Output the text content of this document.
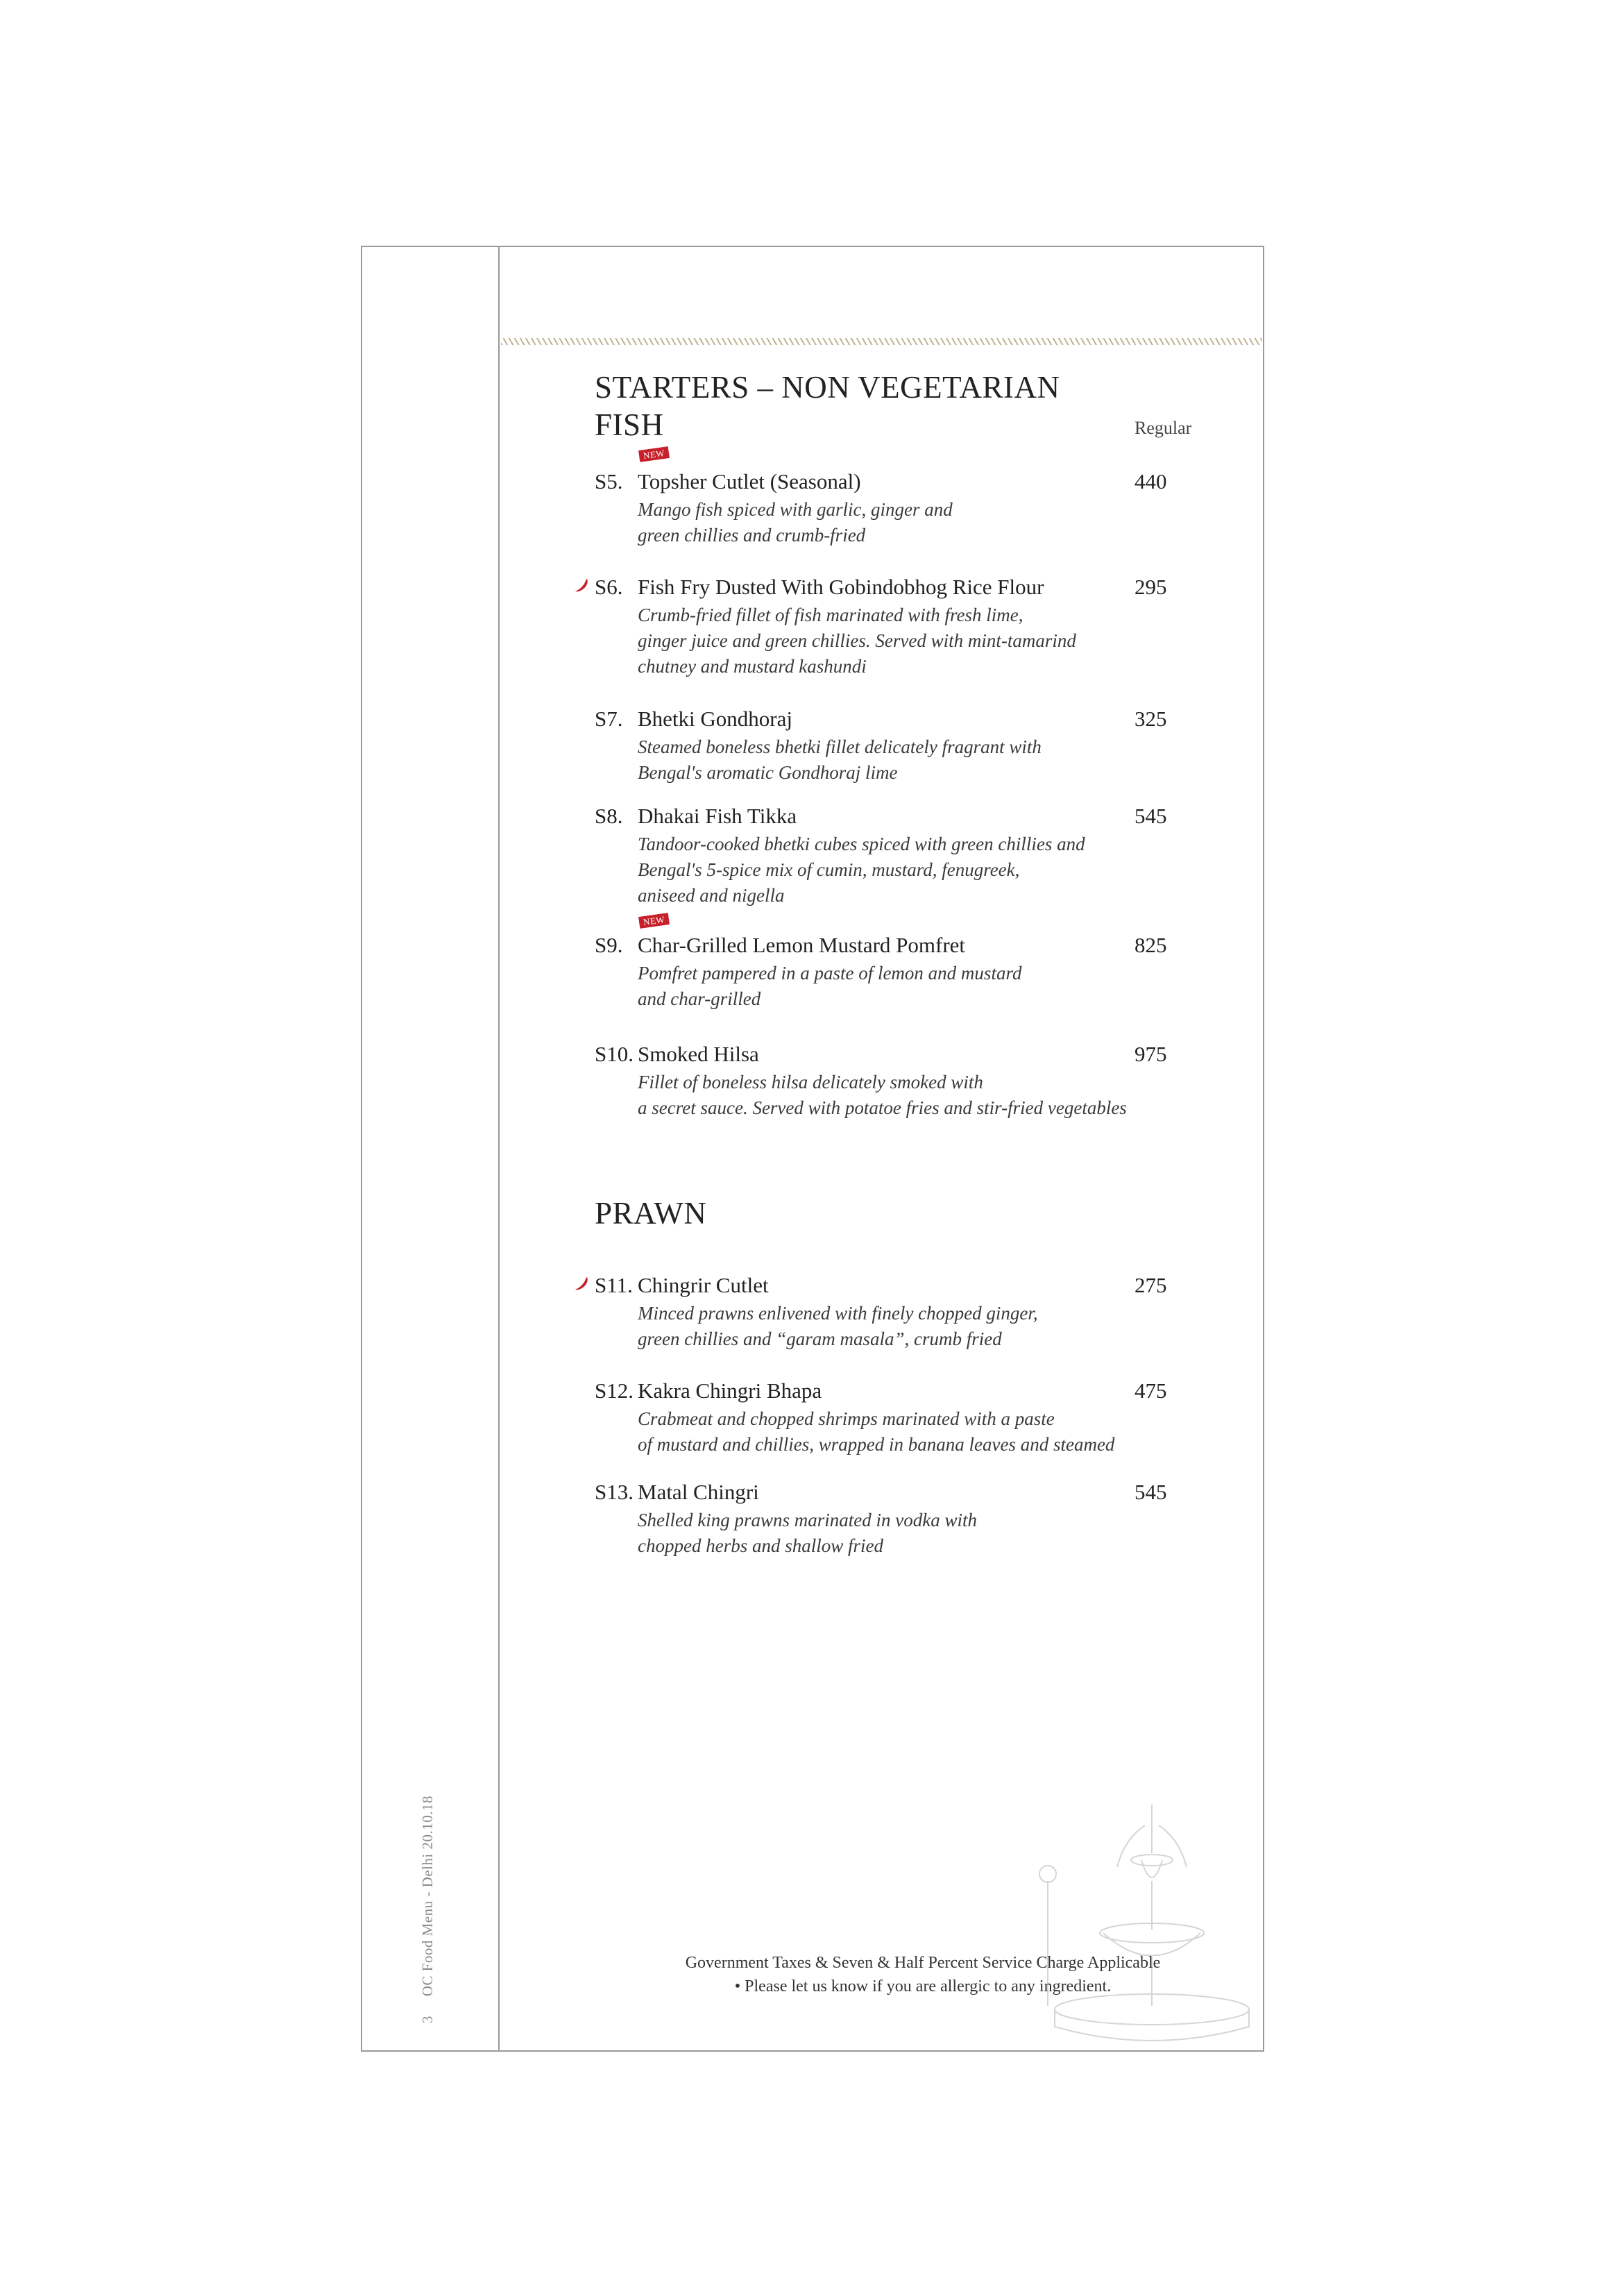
3 OC Food Menu - Delhi 20.10.18
STARTERS – NON VEGETARIAN
FISH	Regular
NEW
S5. Topsher Cutlet (Seasonal)	440
Mango fish spiced with garlic, ginger and
green chillies and crumb-fried
S6. Fish Fry Dusted With Gobindobhog Rice Flour	295
Crumb-fried fillet of fish marinated with fresh lime,
ginger juice and green chillies. Served with mint-tamarind
chutney and mustard kashundi
S7. Bhetki Gondhoraj	325
Steamed boneless bhetki fillet delicately fragrant with
Bengal's aromatic Gondhoraj lime
S8. Dhakai Fish Tikka	545
Tandoor-cooked bhetki cubes spiced with green chillies and
Bengal's 5-spice mix of cumin, mustard, fenugreek,
aniseed and nigella
NEW
S9. Char-Grilled Lemon Mustard Pomfret	825
Pomfret pampered in a paste of lemon and mustard
and char-grilled
S10. Smoked Hilsa	975
Fillet of boneless hilsa delicately smoked with
a secret sauce. Served with potatoe fries and stir-fried vegetables
PRAWN
S11. Chingrir Cutlet	275
Minced prawns enlivened with finely chopped ginger,
green chillies and “garam masala”, crumb fried
S12. Kakra Chingri Bhapa	475
Crabmeat and chopped shrimps marinated with a paste
of mustard and chillies, wrapped in banana leaves and steamed
S13. Matal Chingri	545
Shelled king prawns marinated in vodka with
chopped herbs and shallow fried
Government Taxes & Seven & Half Percent Service Charge Applicable
• Please let us know if you are allergic to any ingredient.
